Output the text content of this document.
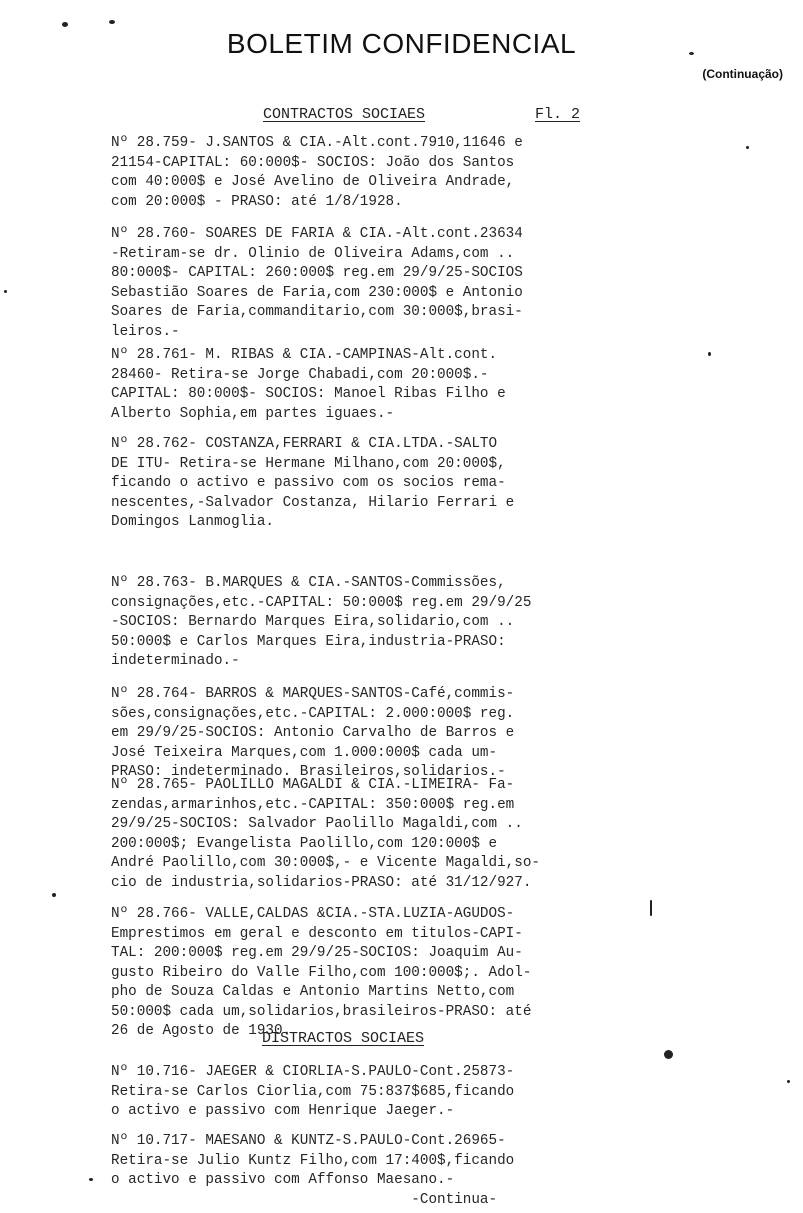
BOLETIM CONFIDENCIAL
(Continuação)
CONTRACTOS SOCIAES	Fl. 2
Nº 28.759- J.SANTOS & CIA.-Alt.cont.7910,11646 e
21154-CAPITAL: 60:000$- SOCIOS: João dos Santos
com 40:000$ e José Avelino de Oliveira Andrade,
com 20:000$ - PRASO: até 1/8/1928.
Nº 28.760- SOARES DE FARIA & CIA.-Alt.cont.23634
-Retiram-se dr. Olinio de Oliveira Adams,com ..
80:000$- CAPITAL: 260:000$ reg.em 29/9/25-SOCIOS
Sebastião Soares de Faria,com 230:000$ e Antonio
Soares de Faria,commanditario,com 30:000$,brasi-
leiros.-
Nº 28.761- M. RIBAS & CIA.-CAMPINAS-Alt.cont.
28460- Retira-se Jorge Chabadi,com 20:000$.-
CAPITAL: 80:000$- SOCIOS: Manoel Ribas Filho e
Alberto Sophia,em partes iguaes.-
Nº 28.762- COSTANZA,FERRARI & CIA.LTDA.-SALTO
DE ITU- Retira-se Hermane Milhano,com 20:000$,
ficando o activo e passivo com os socios rema-
nescentes,-Salvador Costanza, Hilario Ferrari e
Domingos Lanmoglia.
Nº 28.763- B.MARQUES & CIA.-SANTOS-Commissões,
consignações,etc.-CAPITAL: 50:000$ reg.em 29/9/25
-SOCIOS: Bernardo Marques Eira,solidario,com ..
50:000$ e Carlos Marques Eira,industria-PRASO:
indeterminado.-
Nº 28.764- BARROS & MARQUES-SANTOS-Café,commis-
sões,consignações,etc.-CAPITAL: 2.000:000$ reg.
em 29/9/25-SOCIOS: Antonio Carvalho de Barros e
José Teixeira Marques,com 1.000:000$ cada um-
PRASO: indeterminado. Brasileiros,solidarios.-
Nº 28.765- PAOLILLO MAGALDI & CIA.-LIMEIRA- Fa-
zendas,armarinhos,etc.-CAPITAL: 350:000$ reg.em
29/9/25-SOCIOS: Salvador Paolillo Magaldi,com ..
200:000$; Evangelista Paolillo,com 120:000$ e
André Paolillo,com 30:000$,- e Vicente Magaldi,so-
cio de industria,solidarios-PRASO: até 31/12/927.
Nº 28.766- VALLE,CALDAS &CIA.-STA.LUZIA-AGUDOS-
Emprestimos em geral e desconto em titulos-CAPI-
TAL: 200:000$ reg.em 29/9/25-SOCIOS: Joaquim Au-
gusto Ribeiro do Valle Filho,com 100:000$;. Adol-
pho de Souza Caldas e Antonio Martins Netto,com
50:000$ cada um,solidarios,brasileiros-PRASO: até
26 de Agosto de 1930.
DISTRACTOS SOCIAES
Nº 10.716- JAEGER & CIORLIA-S.PAULO-Cont.25873-
Retira-se Carlos Ciorlia,com 75:837$685,ficando
o activo e passivo com Henrique Jaeger.-
Nº 10.717- MAESANO & KUNTZ-S.PAULO-Cont.26965-
Retira-se Julio Kuntz Filho,com 17:400$,ficando
o activo e passivo com Affonso Maesano.-
-Continua-
